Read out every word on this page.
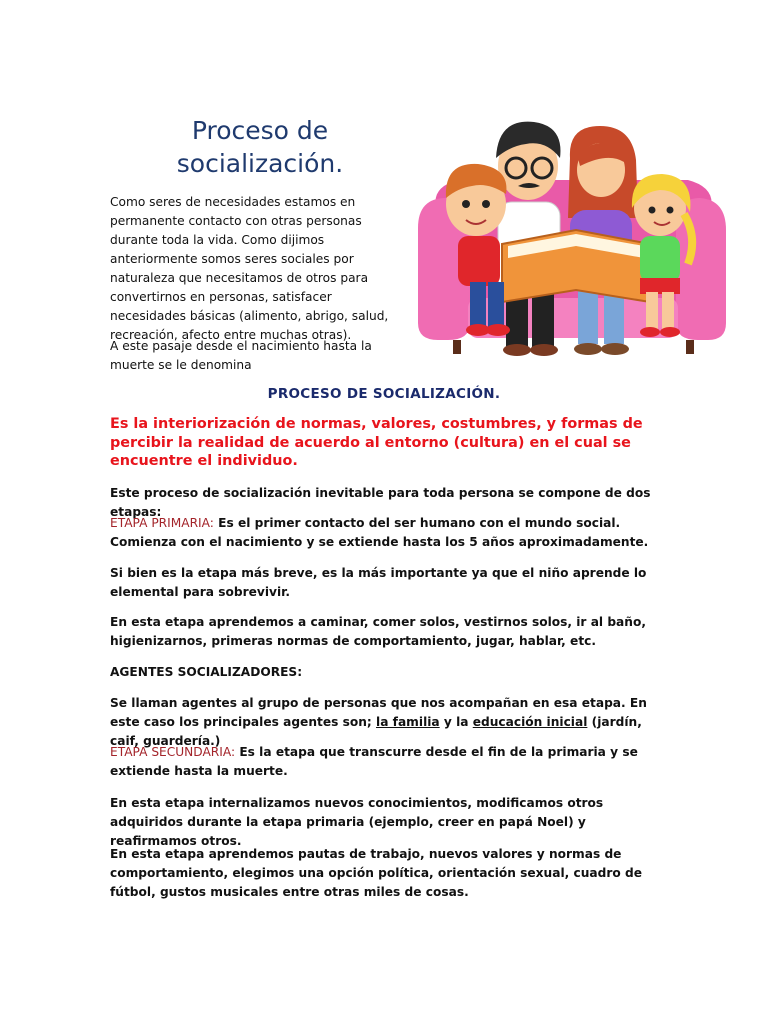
Proceso de socialización.
Como seres de necesidades estamos en permanente contacto con otras personas durante toda la vida. Como dijimos anteriormente somos seres sociales por naturaleza que necesitamos de otros para convertirnos en personas, satisfacer necesidades básicas (alimento, abrigo, salud, recreación, afecto entre muchas otras).
A este pasaje desde el nacimiento hasta la muerte se le denomina
PROCESO DE SOCIALIZACIÓN.
Es la interiorización de normas, valores, costumbres, y formas de percibir la realidad de acuerdo al entorno (cultura) en el cual se encuentre el individuo.
Este proceso de socialización inevitable para toda persona se compone de dos etapas:
ETAPA PRIMARIA: Es el primer contacto del ser humano con el mundo social. Comienza con el nacimiento y se extiende hasta los 5 años aproximadamente.
Si bien es la etapa más breve, es la más importante ya que el niño aprende lo elemental para sobrevivir.
En esta etapa aprendemos a caminar, comer solos, vestirnos solos, ir al baño, higienizarnos, primeras normas de comportamiento, jugar, hablar, etc.
AGENTES SOCIALIZADORES:
Se llaman agentes al grupo de personas que nos acompañan en esa etapa. En este caso los principales agentes son; la familia y la educación inicial (jardín, caif, guardería.)
ETAPA SECUNDARIA: Es la etapa que transcurre desde el fin de la primaria y se extiende hasta la muerte.
En esta etapa internalizamos nuevos conocimientos, modificamos otros adquiridos durante la etapa primaria (ejemplo, creer en papá Noel) y reafirmamos otros.
En esta etapa aprendemos pautas de trabajo, nuevos valores y normas de comportamiento, elegimos una opción política, orientación sexual, cuadro de fútbol, gustos musicales entre otras miles de cosas.
